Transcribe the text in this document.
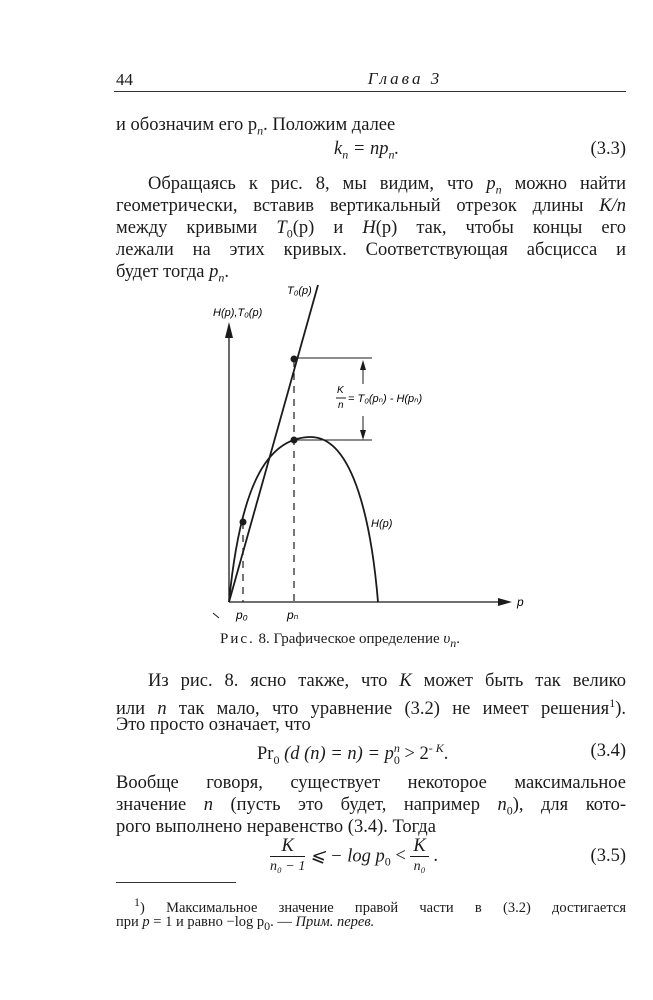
44	Глава 3
и обозначим его $p_n$. Положим далее
$k_n = np_n$.	(3.3)
Обращаясь к рис. 8, мы видим, что $p_n$ можно найти
геометрически, вставив вертикальный отрезок длины K/n
между кривыми $T_0(p)$ и H(p) так, чтобы концы его
лежали на этих кривых. Соответствующая абсцисса и
будет тогда $p_n$.
T₀(p)
H(p),T₀(p)
K
n
= T₀(pₙ) - H(pₙ)
H(p)
p₀	pₙ
p
Рис. 8. Графическое определение $\upsilon_n$.
Из рис. 8. ясно также, что K может быть так велико
или n так мало, что уравнение (3.2) не имеет решения$^1$).
Это просто означает, что
$Pr_0$ (d $(n) = n) = p_0^n > 2^{- K}$.	(3.4)
Вообще говоря, существует некоторое максимальное
значение n (пусть это будет, например $n_0$), для кото-
рого выполнено неравенство (3.4). Тогда
$\frac{K}{\text{n₀ − 1}}$ ⩽ − $\log p_0 < \frac{K}{\text{n₀}}$ .	(3.5)
$^1$) Максимальное значение правой части в (3.2) достигается
при p = 1 и равно −log $p_0$. — Прим. перев.
